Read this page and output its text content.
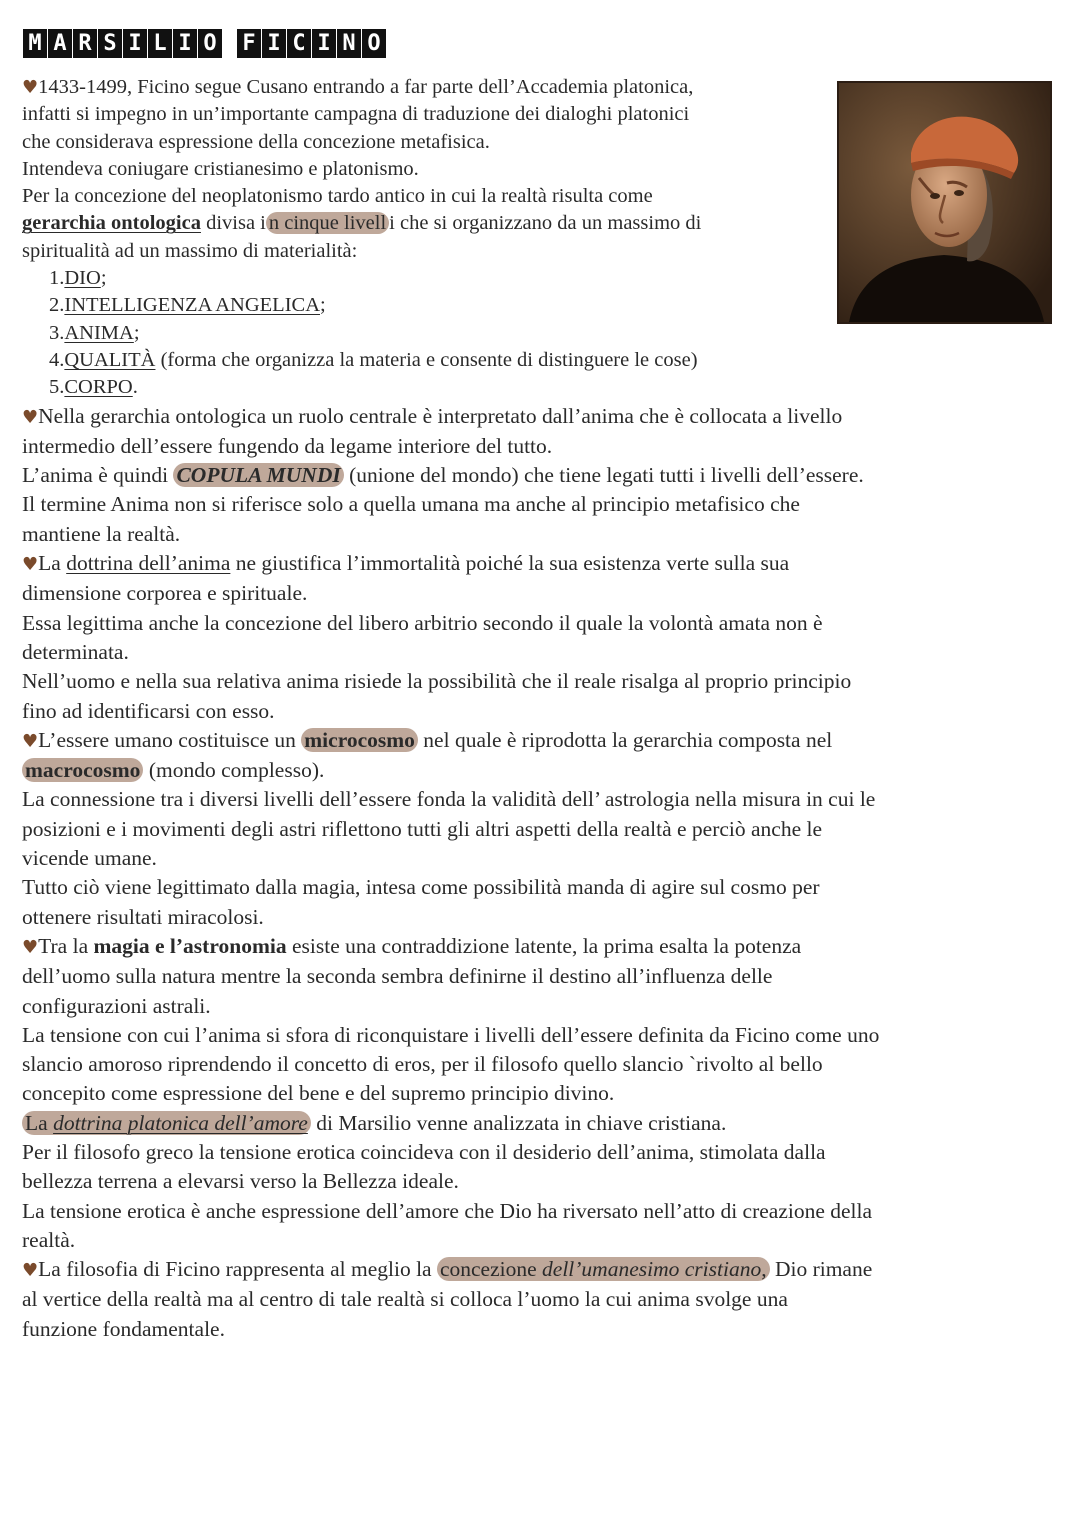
M A R S I L I O F I C I N O

♥1433-1499, Ficino segue Cusano entrando a far parte dell’Accademia platonica,

infatti si impegno in un’importante campagna di traduzione dei dialoghi platonici

che considerava espressione della concezione metafisica.

Intendeva coniugare cristianesimo e platonismo.

Per la concezione del neoplatonismo tardo antico in cui la realtà risulta come

gerarchia ontologica divisa i n cinque livell i che si organizzano da un massimo di

spiritualità ad un massimo di materialità:

1.DIO;

2.INTELLIGENZA ANGELICA;

3.ANIMA;

4.QUALITÀ (forma che organizza la materia e consente di distinguere le cose)

5.CORPO.

♥Nella gerarchia ontologica un ruolo centrale è interpretato dall’anima che è collocata a livello

intermedio dell’essere fungendo da legame interiore del tutto.

L’anima è quindi COPULA MUNDI (unione del mondo) che tiene legati tutti i livelli dell’essere.

Il termine Anima non si riferisce solo a quella umana ma anche al principio metafisico che

mantiene la realtà.

♥La dottrina dell’anima ne giustifica l’immortalità poiché la sua esistenza verte sulla sua

dimensione corporea e spirituale.

Essa legittima anche la concezione del libero arbitrio secondo il quale la volontà amata non è

determinata.

Nell’uomo e nella sua relativa anima risiede la possibilità che il reale risalga al proprio principio

fino ad identificarsi con esso.

♥L’essere umano costituisce un microcosmo nel quale è riprodotta la gerarchia composta nel

macrocosmo (mondo complesso).

La connessione tra i diversi livelli dell’essere fonda la validità dell’ astrologia nella misura in cui le

posizioni e i movimenti degli astri riflettono tutti gli altri aspetti della realtà e perciò anche le

vicende umane.

Tutto ciò viene legittimato dalla magia, intesa come possibilità manda di agire sul cosmo per

ottenere risultati miracolosi.

♥Tra la magia e l’astronomia esiste una contraddizione latente, la prima esalta la potenza

dell’uomo sulla natura mentre la seconda sembra definirne il destino all’influenza delle

configurazioni astrali.

La tensione con cui l’anima si sfora di riconquistare i livelli dell’essere definita da Ficino come uno

slancio amoroso riprendendo il concetto di eros, per il filosofo quello slancio `rivolto al bello

concepito come espressione del bene e del supremo principio divino.

La dottrina platonica dell’amore di Marsilio venne analizzata in chiave cristiana.

Per il filosofo greco la tensione erotica coincideva con il desiderio dell’anima, stimolata dalla

bellezza terrena a elevarsi verso la Bellezza ideale.

La tensione erotica è anche espressione dell’amore che Dio ha riversato nell’atto di creazione della

realtà.

♥La filosofia di Ficino rappresenta al meglio la concezione dell’umanesimo cristiano, Dio rimane

al vertice della realtà ma al centro di tale realtà si colloca l’uomo la cui anima svolge una

funzione fondamentale.
